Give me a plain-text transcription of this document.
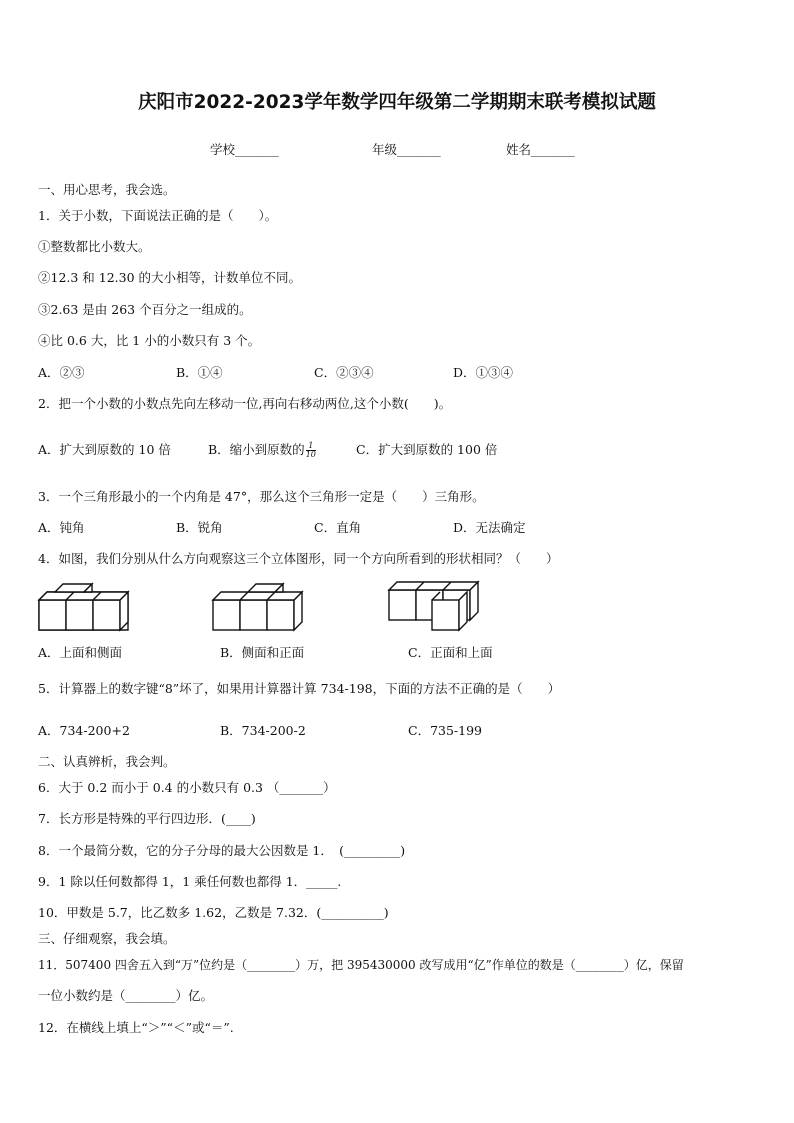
庆阳市2022-2023学年数学四年级第二学期期末联考模拟试题
学校_______	年级_______	姓名_______
一、用心思考，我会选。
1．关于小数，下面说法正确的是（　　）。
①整数都比小数大。
②12.3 和 12.30 的大小相等，计数单位不同。
③2.63 是由 263 个百分之一组成的。
④比 0.6 大，比 1 小的小数只有 3 个。
A．②③	B．①④	C．②③④	D．①③④
2．把一个小数的小数点先向左移动一位,再向右移动两位,这个小数(　　)。
A．扩大到原数的 10 倍	B．缩小到原数的 $\frac{1}{10}$	C．扩大到原数的 100 倍
3．一个三角形最小的一个内角是 47°，那么这个三角形一定是（　　）三角形。
A．钝角	B．锐角	C．直角	D．无法确定
4．如图，我们分别从什么方向观察这三个立体图形，同一个方向所看到的形状相同？（　　）
A．上面和侧面	B．侧面和正面	C．正面和上面
5．计算器上的数字键“8”坏了，如果用计算器计算 734-198，下面的方法不正确的是（　　）
A．734-200+2	B．734-200-2	C．735-199
二、认真辨析，我会判。
6．大于 0.2 而小于 0.4 的小数只有 0.3 （_______）
7．长方形是特殊的平行四边形．(____)
8．一个最简分数，它的分子分母的最大公因数是 1．　(_________)
9．1 除以任何数都得 1，1 乘任何数也都得 1．_____.
10．甲数是 5.7，比乙数多 1.62，乙数是 7.32．(__________)
三、仔细观察，我会填。
11．507400 四舍五入到“万”位约是（________）万，把 395430000 改写成用“亿”作单位的数是（________）亿，保留
一位小数约是（________）亿。
12．在横线上填上“＞”“＜”或“＝”.
